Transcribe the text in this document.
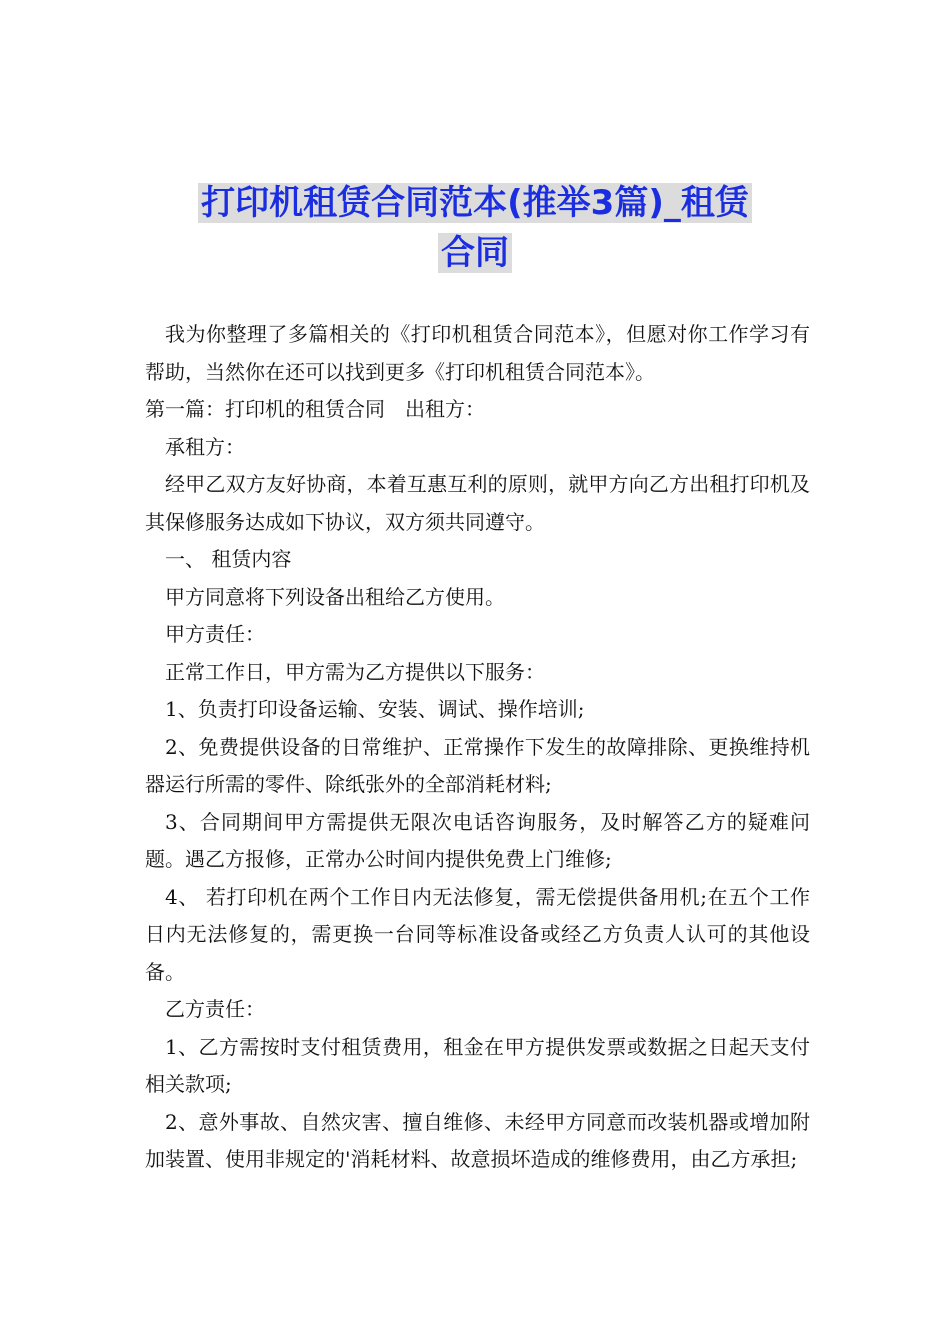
打印机租赁合同范本(推举3篇)_租赁
合同

我为你整理了多篇相关的《打印机租赁合同范本》，但愿对你工作学习有帮助，当然你在还可以找到更多《打印机租赁合同范本》。

第一篇：打印机的租赁合同　出租方：

承租方：

经甲乙双方友好协商，本着互惠互利的原则，就甲方向乙方出租打印机及其保修服务达成如下协议，双方须共同遵守。

一、 租赁内容

甲方同意将下列设备出租给乙方使用。

甲方责任：

正常工作日，甲方需为乙方提供以下服务：

1、负责打印设备运输、安装、调试、操作培训;

2、免费提供设备的日常维护、正常操作下发生的故障排除、更换维持机器运行所需的零件、除纸张外的全部消耗材料;

3、合同期间甲方需提供无限次电话咨询服务，及时解答乙方的疑难问题。遇乙方报修，正常办公时间内提供免费上门维修;

4、 若打印机在两个工作日内无法修复，需无偿提供备用机;在五个工作日内无法修复的，需更换一台同等标准设备或经乙方负责人认可的其他设备。

乙方责任：

1、乙方需按时支付租赁费用，租金在甲方提供发票或数据之日起天支付相关款项;

2、意外事故、自然灾害、擅自维修、未经甲方同意而改装机器或增加附加装置、使用非规定的'消耗材料、故意损坏造成的维修费用，由乙方承担;
